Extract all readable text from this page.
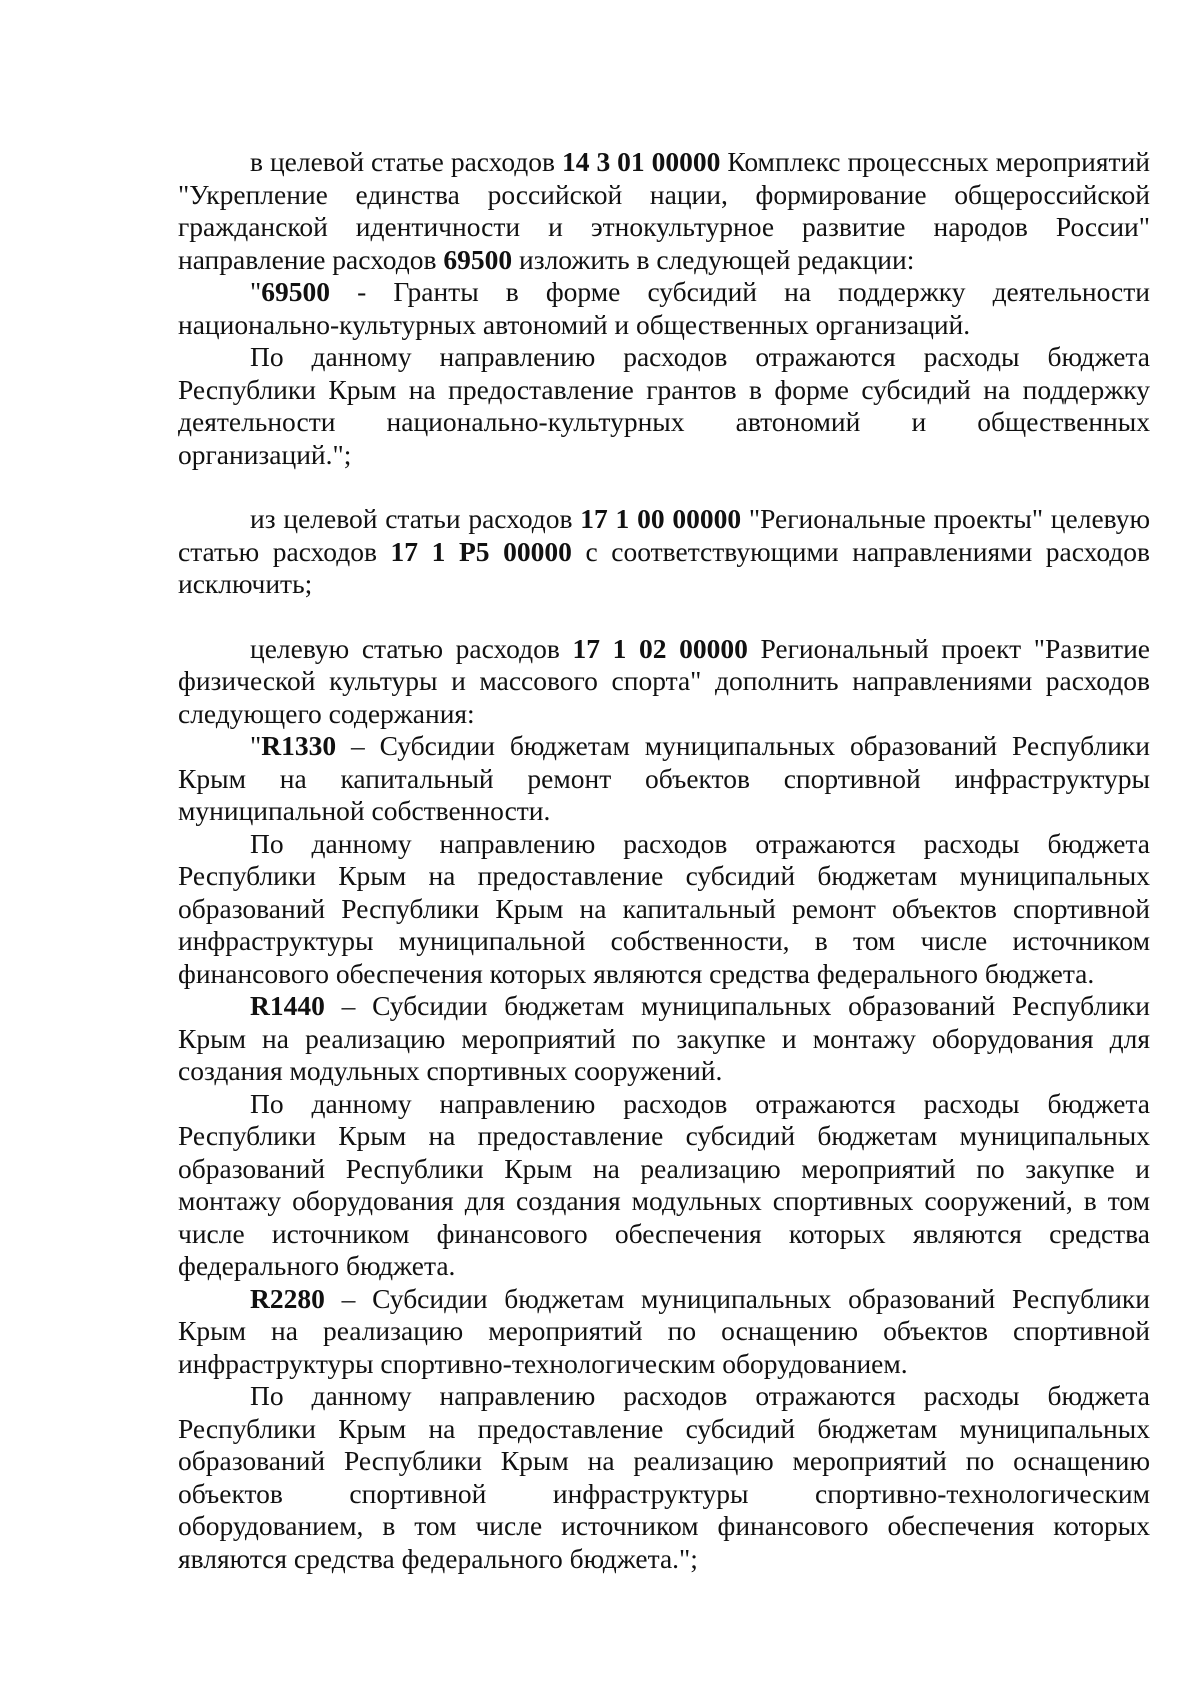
в целевой статье расходов 14 3 01 00000 Комплекс процессных мероприятий "Укрепление единства российской нации, формирование общероссийской гражданской идентичности и этнокультурное развитие народов России" направление расходов 69500 изложить в следующей редакции:

"69500 - Гранты в форме субсидий на поддержку деятельности национально-культурных автономий и общественных организаций.

По данному направлению расходов отражаются расходы бюджета Республики Крым на предоставление грантов в форме субсидий на поддержку деятельности национально-культурных автономий и общественных организаций.";

из целевой статьи расходов 17 1 00 00000 "Региональные проекты" целевую статью расходов 17 1 Р5 00000 с соответствующими направлениями расходов исключить;

целевую статью расходов 17 1 02 00000 Региональный проект "Развитие физической культуры и массового спорта" дополнить направлениями расходов следующего содержания:

"R1330 – Субсидии бюджетам муниципальных образований Республики Крым на капитальный ремонт объектов спортивной инфраструктуры муниципальной собственности.

По данному направлению расходов отражаются расходы бюджета Республики Крым на предоставление субсидий бюджетам муниципальных образований Республики Крым на капитальный ремонт объектов спортивной инфраструктуры муниципальной собственности, в том числе источником финансового обеспечения которых являются средства федерального бюджета.

R1440 – Субсидии бюджетам муниципальных образований Республики Крым на реализацию мероприятий по закупке и монтажу оборудования для создания модульных спортивных сооружений.

По данному направлению расходов отражаются расходы бюджета Республики Крым на предоставление субсидий бюджетам муниципальных образований Республики Крым на реализацию мероприятий по закупке и монтажу оборудования для создания модульных спортивных сооружений, в том числе источником финансового обеспечения которых являются средства федерального бюджета.

R2280 – Субсидии бюджетам муниципальных образований Республики Крым на реализацию мероприятий по оснащению объектов спортивной инфраструктуры спортивно-технологическим оборудованием.

По данному направлению расходов отражаются расходы бюджета Республики Крым на предоставление субсидий бюджетам муниципальных образований Республики Крым на реализацию мероприятий по оснащению объектов спортивной инфраструктуры спортивно-технологическим оборудованием, в том числе источником финансового обеспечения которых являются средства федерального бюджета.";
